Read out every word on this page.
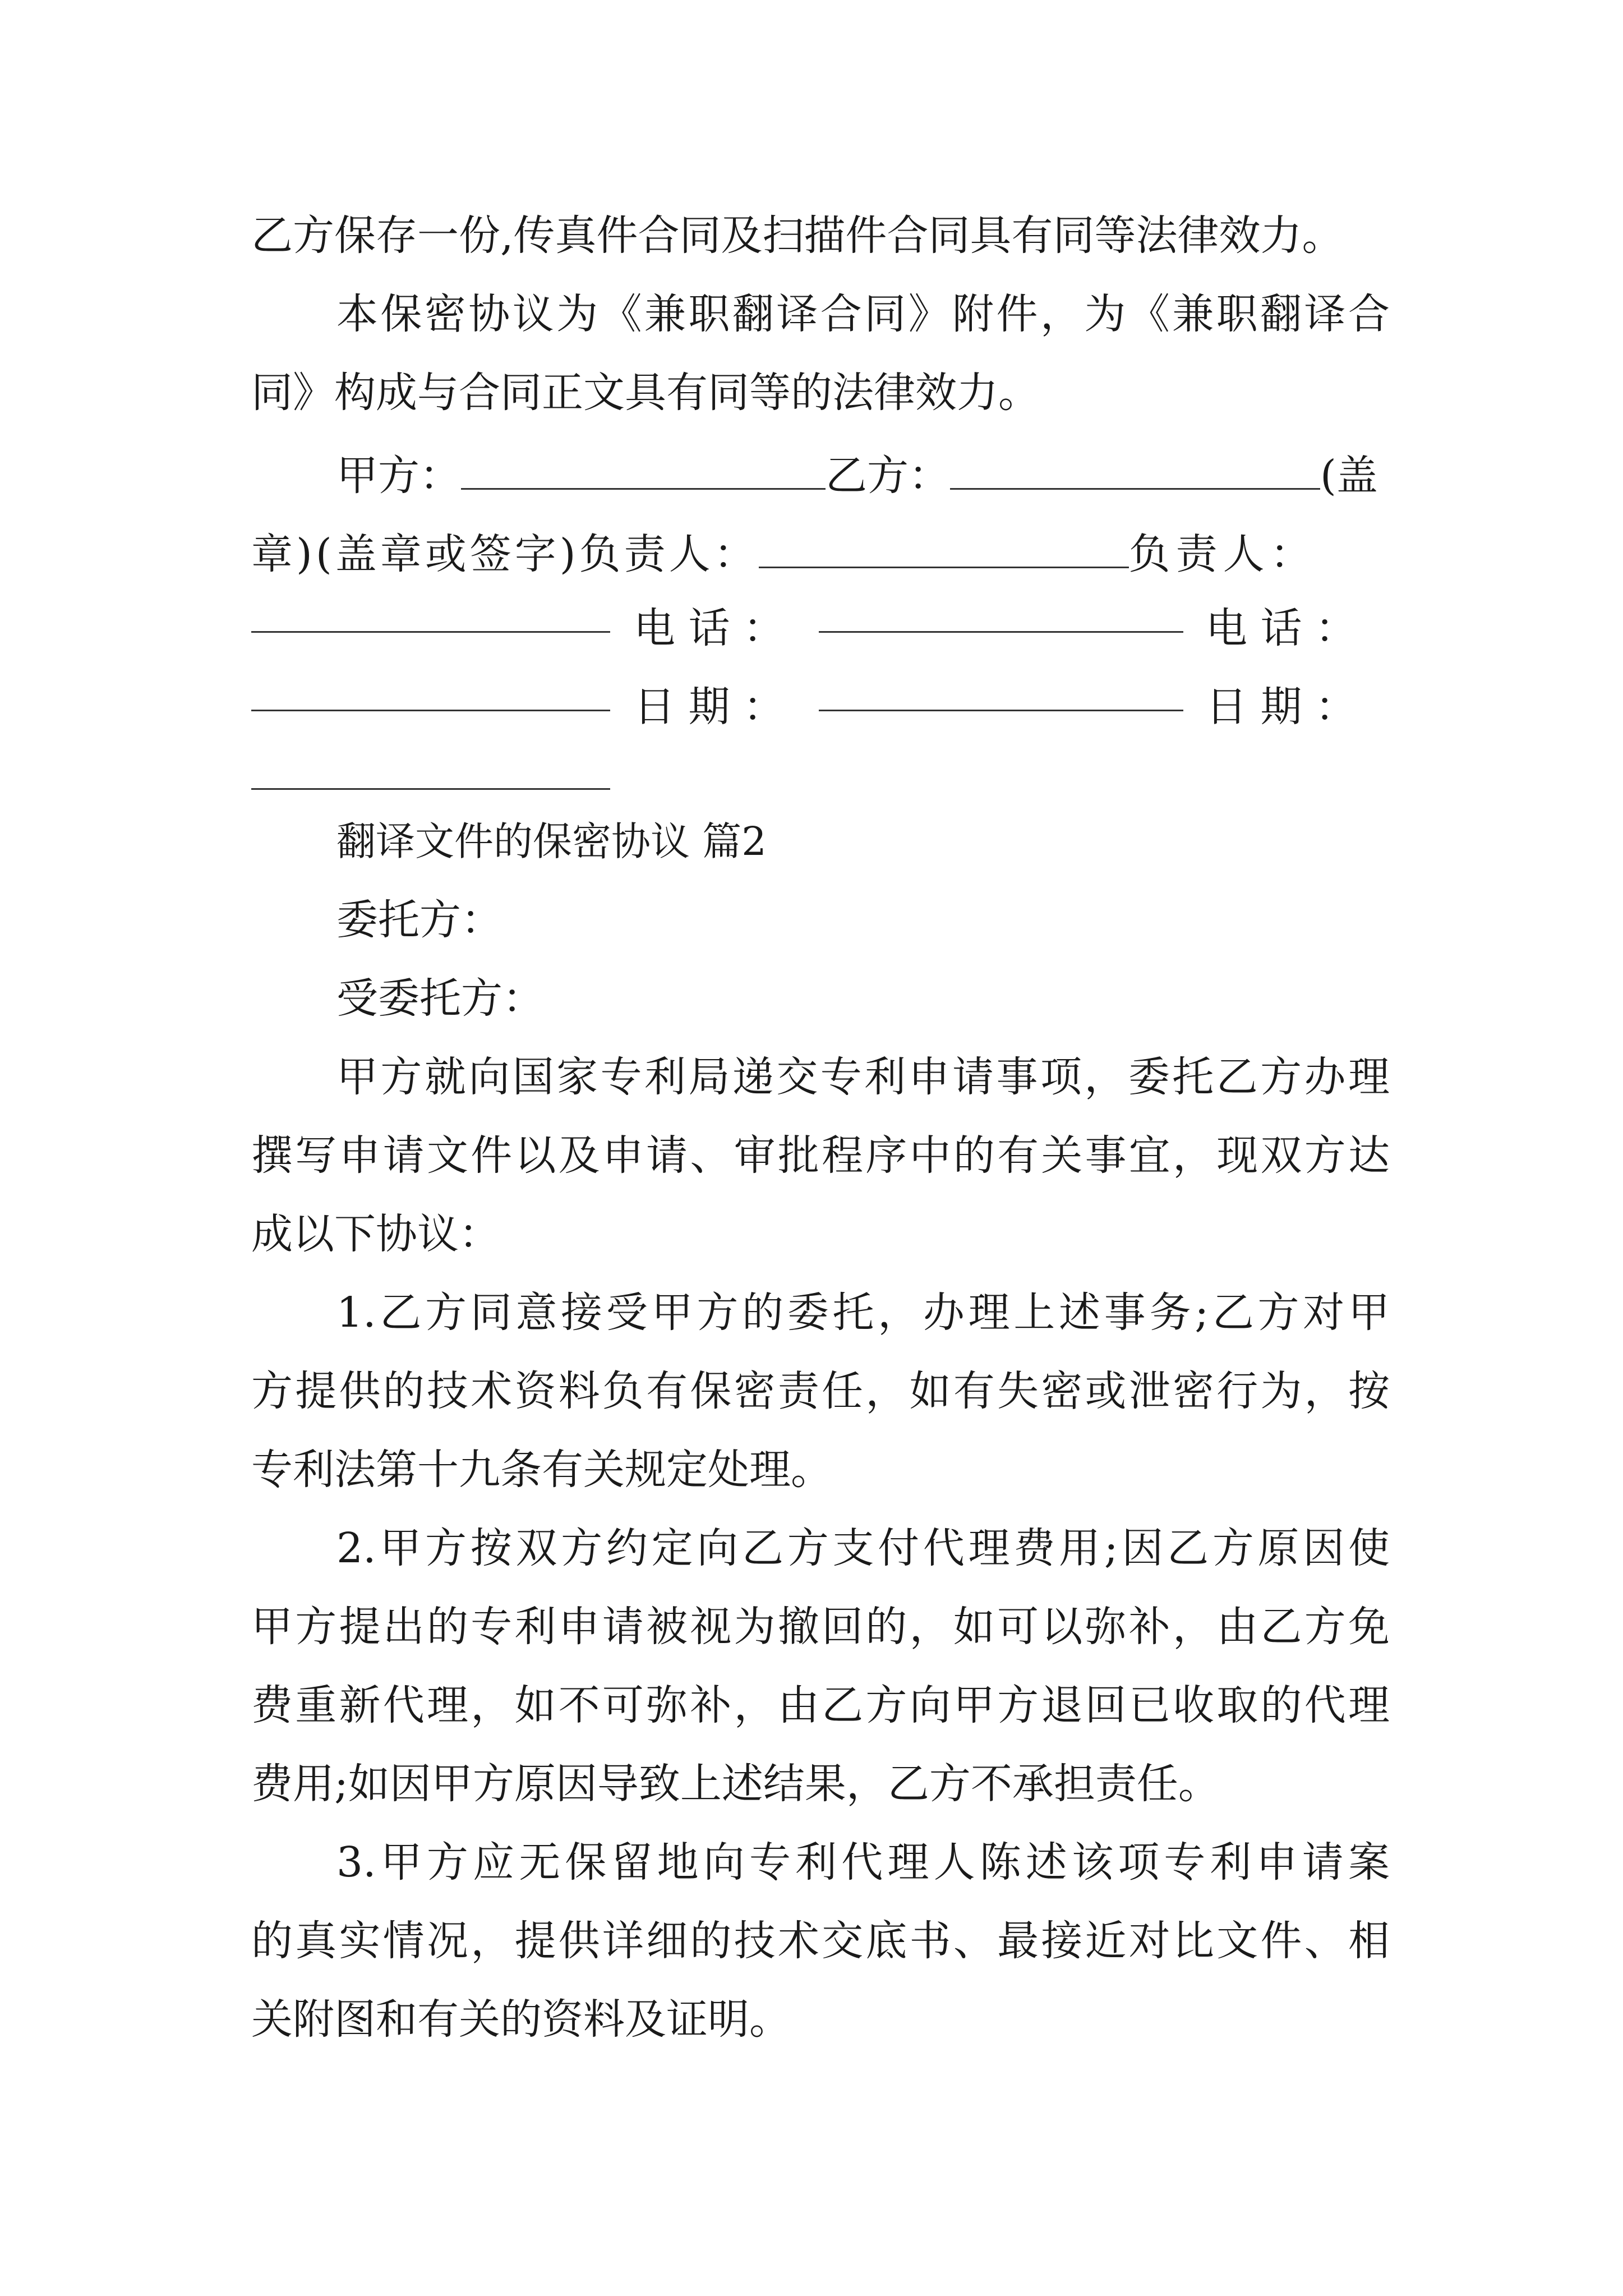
乙方保存一份,传真件合同及扫描件合同具有同等法律效力。
本保密协议为《兼职翻译合同》附件，为《兼职翻译合
同》构成与合同正文具有同等的法律效力。
甲方：	乙方：	(盖
章)(盖章或签字)负责人：	负责人：
电 话 ：	电 话 ：
日 期 ：	日 期 ：
翻译文件的保密协议 篇2
委托方：
受委托方：
甲方就向国家专利局递交专利申请事项，委托乙方办理
撰写申请文件以及申请、审批程序中的有关事宜，现双方达
成以下协议：
1.乙方同意接受甲方的委托，办理上述事务;乙方对甲
方提供的技术资料负有保密责任，如有失密或泄密行为，按
专利法第十九条有关规定处理。
2.甲方按双方约定向乙方支付代理费用;因乙方原因使
甲方提出的专利申请被视为撤回的，如可以弥补，由乙方免
费重新代理，如不可弥补，由乙方向甲方退回已收取的代理
费用;如因甲方原因导致上述结果，乙方不承担责任。
3.甲方应无保留地向专利代理人陈述该项专利申请案
的真实情况，提供详细的技术交底书、最接近对比文件、相
关附图和有关的资料及证明。
